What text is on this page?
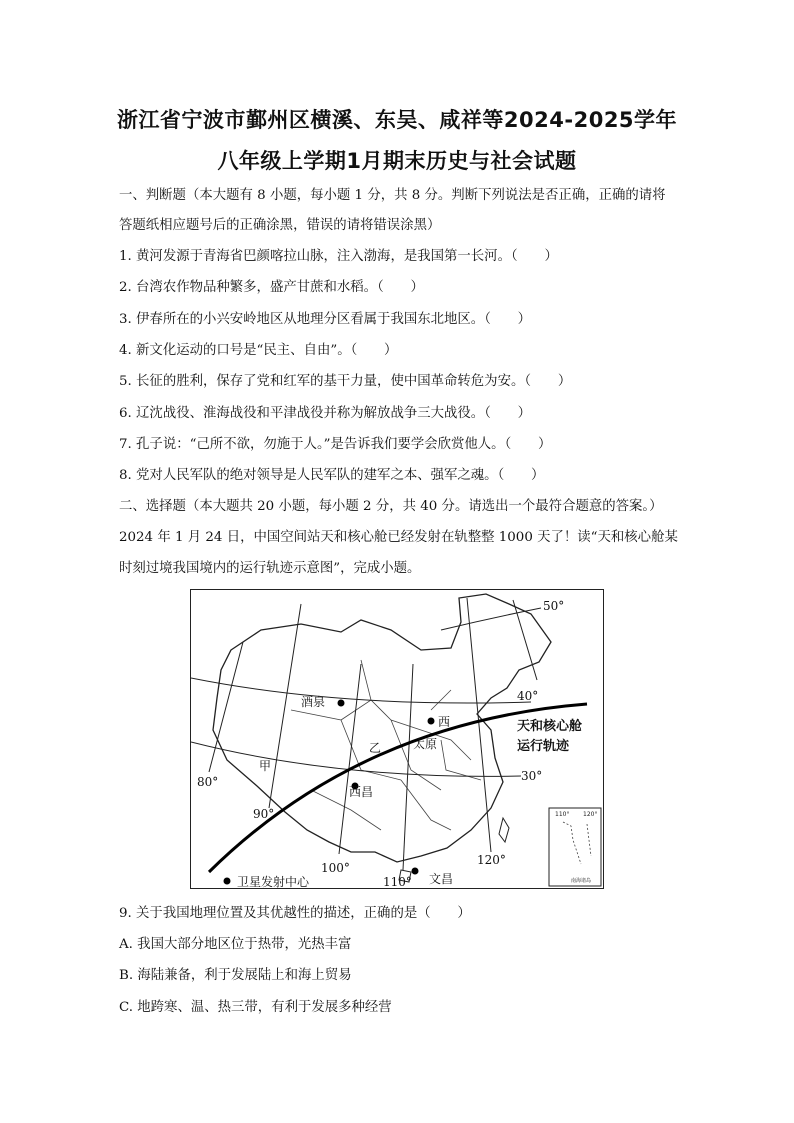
浙江省宁波市鄞州区横溪、东吴、咸祥等2024-2025学年
八年级上学期1月期末历史与社会试题
一、判断题（本大题有 8 小题，每小题 1 分，共 8 分。判断下列说法是否正确，正确的请将
答题纸相应题号后的正确涂黑，错误的请将错误涂黑）
1. 黄河发源于青海省巴颜喀拉山脉，注入渤海，是我国第一长河。（　　）
2. 台湾农作物品种繁多，盛产甘蔗和水稻。（　　）
3. 伊春所在的小兴安岭地区从地理分区看属于我国东北地区。（　　）
4. 新文化运动的口号是“民主、自由”。（　　）
5. 长征的胜利，保存了党和红军的基干力量，使中国革命转危为安。（　　）
6. 辽沈战役、淮海战役和平津战役并称为解放战争三大战役。（　　）
7. 孔子说：“己所不欲，勿施于人。”是告诉我们要学会欣赏他人。（　　）
8. 党对人民军队的绝对领导是人民军队的建军之本、强军之魂。（　　）
二、选择题（本大题共 20 小题，每小题 2 分，共 40 分。请选出一个最符合题意的答案。）
2024 年 1 月 24 日，中国空间站天和核心舱已经发射在轨整整 1000 天了！读“天和核心舱某
时刻过境我国境内的运行轨迹示意图”，完成小题。
酒泉
西
太原
乙
甲
西昌
文昌
卫星发射中心
天和核心舱
运行轨迹
50°
40°
30°
80°
90°
100°
110°
120°
110° 120°
南海诸岛
9. 关于我国地理位置及其优越性的描述，正确的是（　　）
A. 我国大部分地区位于热带，光热丰富
B. 海陆兼备，利于发展陆上和海上贸易
C. 地跨寒、温、热三带，有利于发展多种经营
